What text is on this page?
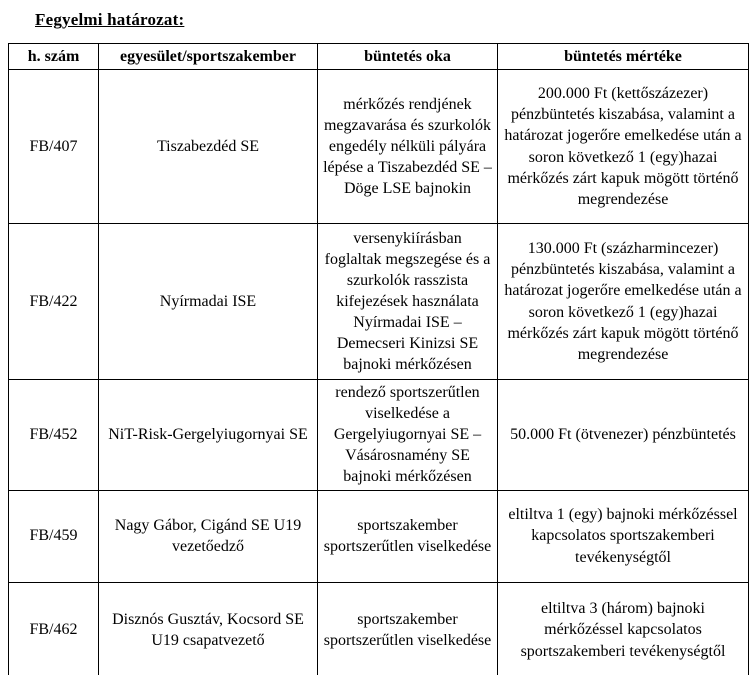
Fegyelmi határozat:
h. szám	egyesület/sportszakember	büntetés oka	büntetés mértéke
FB/407	Tiszabezdéd SE	mérkőzés rendjének megzavarása és szurkolók engedély nélküli pályára lépése a Tiszabezdéd SE – Döge LSE bajnokin	200.000 Ft (kettőszázezer) pénzbüntetés kiszabása, valamint a határozat jogerőre emelkedése után a soron következő 1 (egy)hazai mérkőzés zárt kapuk mögött történő megrendezése
FB/422	Nyírmadai ISE	versenykiírásban foglaltak megszegése és a szurkolók rasszista kifejezések használata Nyírmadai ISE – Demecseri Kinizsi SE bajnoki mérkőzésen	130.000 Ft (százharmincezer) pénzbüntetés kiszabása, valamint a határozat jogerőre emelkedése után a soron következő 1 (egy)hazai mérkőzés zárt kapuk mögött történő megrendezése
FB/452	NiT-Risk-Gergelyiugornyai SE	rendező sportszerűtlen viselkedése a Gergelyiugornyai SE – Vásárosnamény SE bajnoki mérkőzésen	50.000 Ft (ötvenezer) pénzbüntetés
FB/459	Nagy Gábor, Cigánd SE U19 vezetőedző	sportszakember sportszerűtlen viselkedése	eltiltva 1 (egy) bajnoki mérkőzéssel kapcsolatos sportszakemberi tevékenységtől
FB/462	Disznós Gusztáv, Kocsord SE U19 csapatvezető	sportszakember sportszerűtlen viselkedése	eltiltva 3 (három) bajnoki mérkőzéssel kapcsolatos sportszakemberi tevékenységtől
